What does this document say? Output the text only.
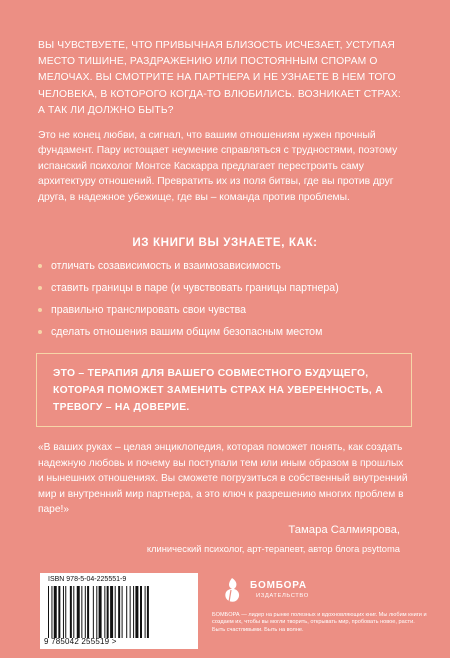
ВЫ ЧУВСТВУЕТЕ, ЧТО ПРИВЫЧНАЯ БЛИЗОСТЬ ИСЧЕЗАЕТ, УСТУПАЯ МЕСТО ТИШИНЕ, РАЗДРАЖЕНИЮ ИЛИ ПОСТОЯННЫМ СПОРАМ О МЕЛОЧАХ. ВЫ СМОТРИТЕ НА ПАРТНЕРА И НЕ УЗНАЕТЕ В НЕМ ТОГО ЧЕЛОВЕКА, В КОТОРОГО КОГДА-ТО ВЛЮБИЛИСЬ. ВОЗНИКАЕТ СТРАХ: А ТАК ЛИ ДОЛЖНО БЫТЬ?

Это не конец любви, а сигнал, что вашим отношениям нужен прочный фундамент. Пару истощает неумение справляться с трудностями, поэтому испанский психолог Монтсе Каскарра предлагает перестроить саму архитектуру отношений. Превратить их из поля битвы, где вы против друг друга, в надежное убежище, где вы – команда против проблемы.

ИЗ КНИГИ ВЫ УЗНАЕТЕ, КАК:

отличать созависимость и взаимозависимость
ставить границы в паре (и чувствовать границы партнера)
правильно транслировать свои чувства
сделать отношения вашим общим безопасным местом

ЭТО – ТЕРАПИЯ ДЛЯ ВАШЕГО СОВМЕСТНОГО БУДУЩЕГО, КОТОРАЯ ПОМОЖЕТ ЗАМЕНИТЬ СТРАХ НА УВЕРЕННОСТЬ, А ТРЕВОГУ – НА ДОВЕРИЕ.

«В ваших руках – целая энциклопедия, которая поможет понять, как создать надежную любовь и почему вы поступали тем или иным образом в прошлых и нынешних отношениях. Вы сможете погрузиться в собственный внутренний мир и внутренний мир партнера, а это ключ к разрешению многих проблем в паре!»

Тамара Салмиярова,

клинический психолог, арт-терапевт, автор блога psyttoma

ISBN 978-5-04-225551-9
9 785042 255519 >
БОМБОРА
ИЗДАТЕЛЬСТВО

БОМБОРА — лидер на рынке полезных и вдохновляющих книг. Мы любим книги и создаем их, чтобы вы могли творить, открывать мир, пробовать новое, расти. Быть счастливыми. Быть на волне.
